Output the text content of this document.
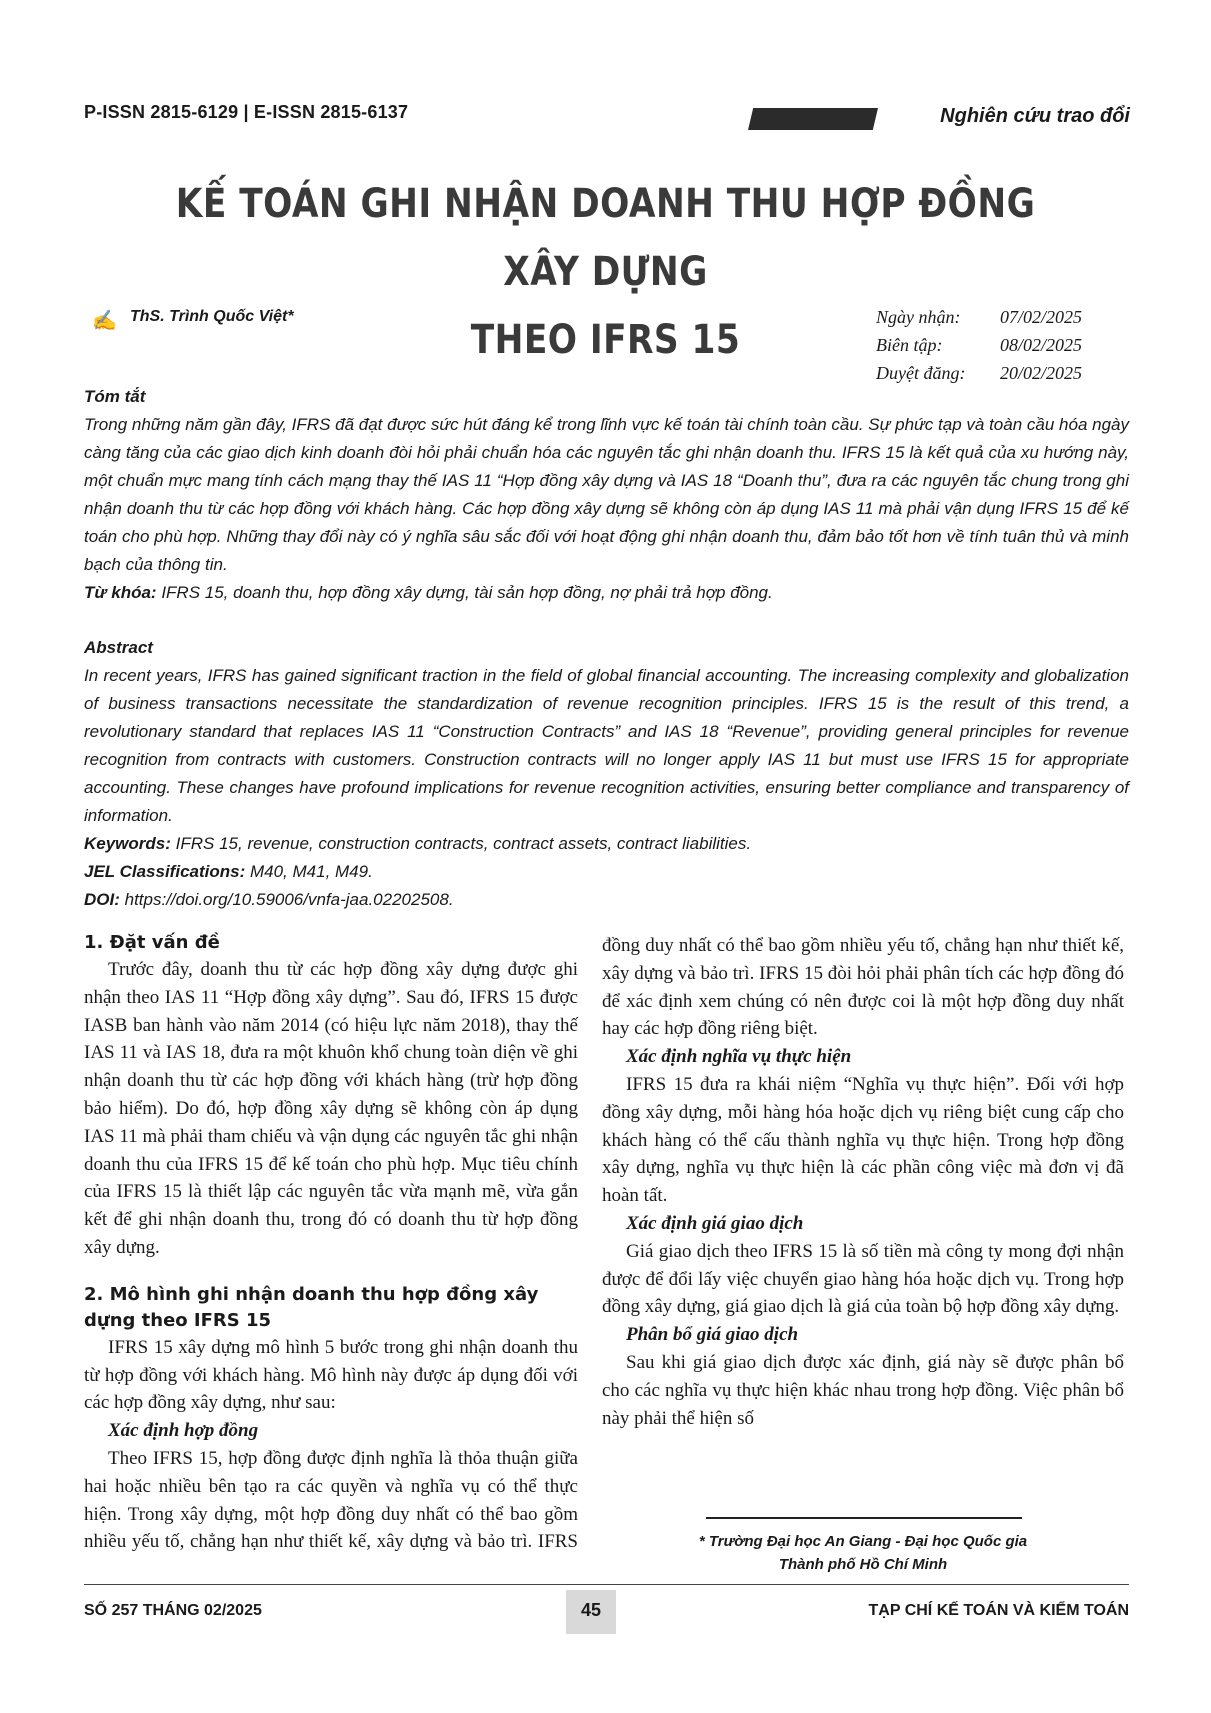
P-ISSN 2815-6129 | E-ISSN 2815-6137	Nghiên cứu trao đổi
KẾ TOÁN GHI NHẬN DOANH THU HỢP ĐỒNG XÂY DỰNG
THEO IFRS 15
✍ ThS. Trình Quốc Việt*	Ngày nhận:	07/02/2025
Biên tập:	08/02/2025
Duyệt đăng:	20/02/2025
Tóm tắt
Trong những năm gần đây, IFRS đã đạt được sức hút đáng kể trong lĩnh vực kế toán tài chính toàn cầu. Sự phức tạp và toàn cầu hóa ngày càng tăng của các giao dịch kinh doanh đòi hỏi phải chuẩn hóa các nguyên tắc ghi nhận doanh thu. IFRS 15 là kết quả của xu hướng này, một chuẩn mực mang tính cách mạng thay thế IAS 11 “Hợp đồng xây dựng và IAS 18 “Doanh thu”, đưa ra các nguyên tắc chung trong ghi nhận doanh thu từ các hợp đồng với khách hàng. Các hợp đồng xây dựng sẽ không còn áp dụng IAS 11 mà phải vận dụng IFRS 15 để kế toán cho phù hợp. Những thay đổi này có ý nghĩa sâu sắc đối với hoạt động ghi nhận doanh thu, đảm bảo tốt hơn về tính tuân thủ và minh bạch của thông tin.
Từ khóa: IFRS 15, doanh thu, hợp đồng xây dựng, tài sản hợp đồng, nợ phải trả hợp đồng.
Abstract
In recent years, IFRS has gained significant traction in the field of global financial accounting. The increasing complexity and globalization of business transactions necessitate the standardization of revenue recognition principles. IFRS 15 is the result of this trend, a revolutionary standard that replaces IAS 11 “Construction Contracts” and IAS 18 “Revenue”, providing general principles for revenue recognition from contracts with customers. Construction contracts will no longer apply IAS 11 but must use IFRS 15 for appropriate accounting. These changes have profound implications for revenue recognition activities, ensuring better compliance and transparency of information.
Keywords: IFRS 15, revenue, construction contracts, contract assets, contract liabilities.
JEL Classifications: M40, M41, M49.
DOI: https://doi.org/10.59006/vnfa-jaa.02202508.
1. Đặt vấn đề

Trước đây, doanh thu từ các hợp đồng xây dựng được ghi nhận theo IAS 11 “Hợp đồng xây dựng”. Sau đó, IFRS 15 được IASB ban hành vào năm 2014 (có hiệu lực năm 2018), thay thế IAS 11 và IAS 18, đưa ra một khuôn khổ chung toàn diện về ghi nhận doanh thu từ các hợp đồng với khách hàng (trừ hợp đồng bảo hiểm). Do đó, hợp đồng xây dựng sẽ không còn áp dụng IAS 11 mà phải tham chiếu và vận dụng các nguyên tắc ghi nhận doanh thu của IFRS 15 để kế toán cho phù hợp. Mục tiêu chính của IFRS 15 là thiết lập các nguyên tắc vừa mạnh mẽ, vừa gắn kết để ghi nhận doanh thu, trong đó có doanh thu từ hợp đồng xây dựng.

2. Mô hình ghi nhận doanh thu hợp đồng xây dựng theo IFRS 15

IFRS 15 xây dựng mô hình 5 bước trong ghi nhận doanh thu từ hợp đồng với khách hàng. Mô hình này được áp dụng đối với các hợp đồng xây dựng, như sau:

Xác định hợp đồng

Theo IFRS 15, hợp đồng được định nghĩa là thỏa thuận giữa hai hoặc nhiều bên tạo ra các quyền và nghĩa vụ có thể thực hiện. Trong xây dựng, một hợp đồng duy nhất có thể bao gồm nhiều yếu tố, chẳng hạn như thiết kế, xây dựng và bảo trì. IFRS

đồng duy nhất có thể bao gồm nhiều yếu tố, chẳng hạn như thiết kế, xây dựng và bảo trì. IFRS 15 đòi hỏi phải phân tích các hợp đồng đó để xác định xem chúng có nên được coi là một hợp đồng duy nhất hay các hợp đồng riêng biệt.

Xác định nghĩa vụ thực hiện

IFRS 15 đưa ra khái niệm “Nghĩa vụ thực hiện”. Đối với hợp đồng xây dựng, mỗi hàng hóa hoặc dịch vụ riêng biệt cung cấp cho khách hàng có thể cấu thành nghĩa vụ thực hiện. Trong hợp đồng xây dựng, nghĩa vụ thực hiện là các phần công việc mà đơn vị đã hoàn tất.

Xác định giá giao dịch

Giá giao dịch theo IFRS 15 là số tiền mà công ty mong đợi nhận được để đổi lấy việc chuyển giao hàng hóa hoặc dịch vụ. Trong hợp đồng xây dựng, giá giao dịch là giá của toàn bộ hợp đồng xây dựng.

Phân bổ giá giao dịch

Sau khi giá giao dịch được xác định, giá này sẽ được phân bổ cho các nghĩa vụ thực hiện khác nhau trong hợp đồng. Việc phân bổ này phải thể hiện số

* Trường Đại học An Giang - Đại học Quốc gia
Thành phố Hồ Chí Minh
SỐ 257 THÁNG 02/2025	45	TẠP CHÍ KẾ TOÁN VÀ KIỂM TOÁN
